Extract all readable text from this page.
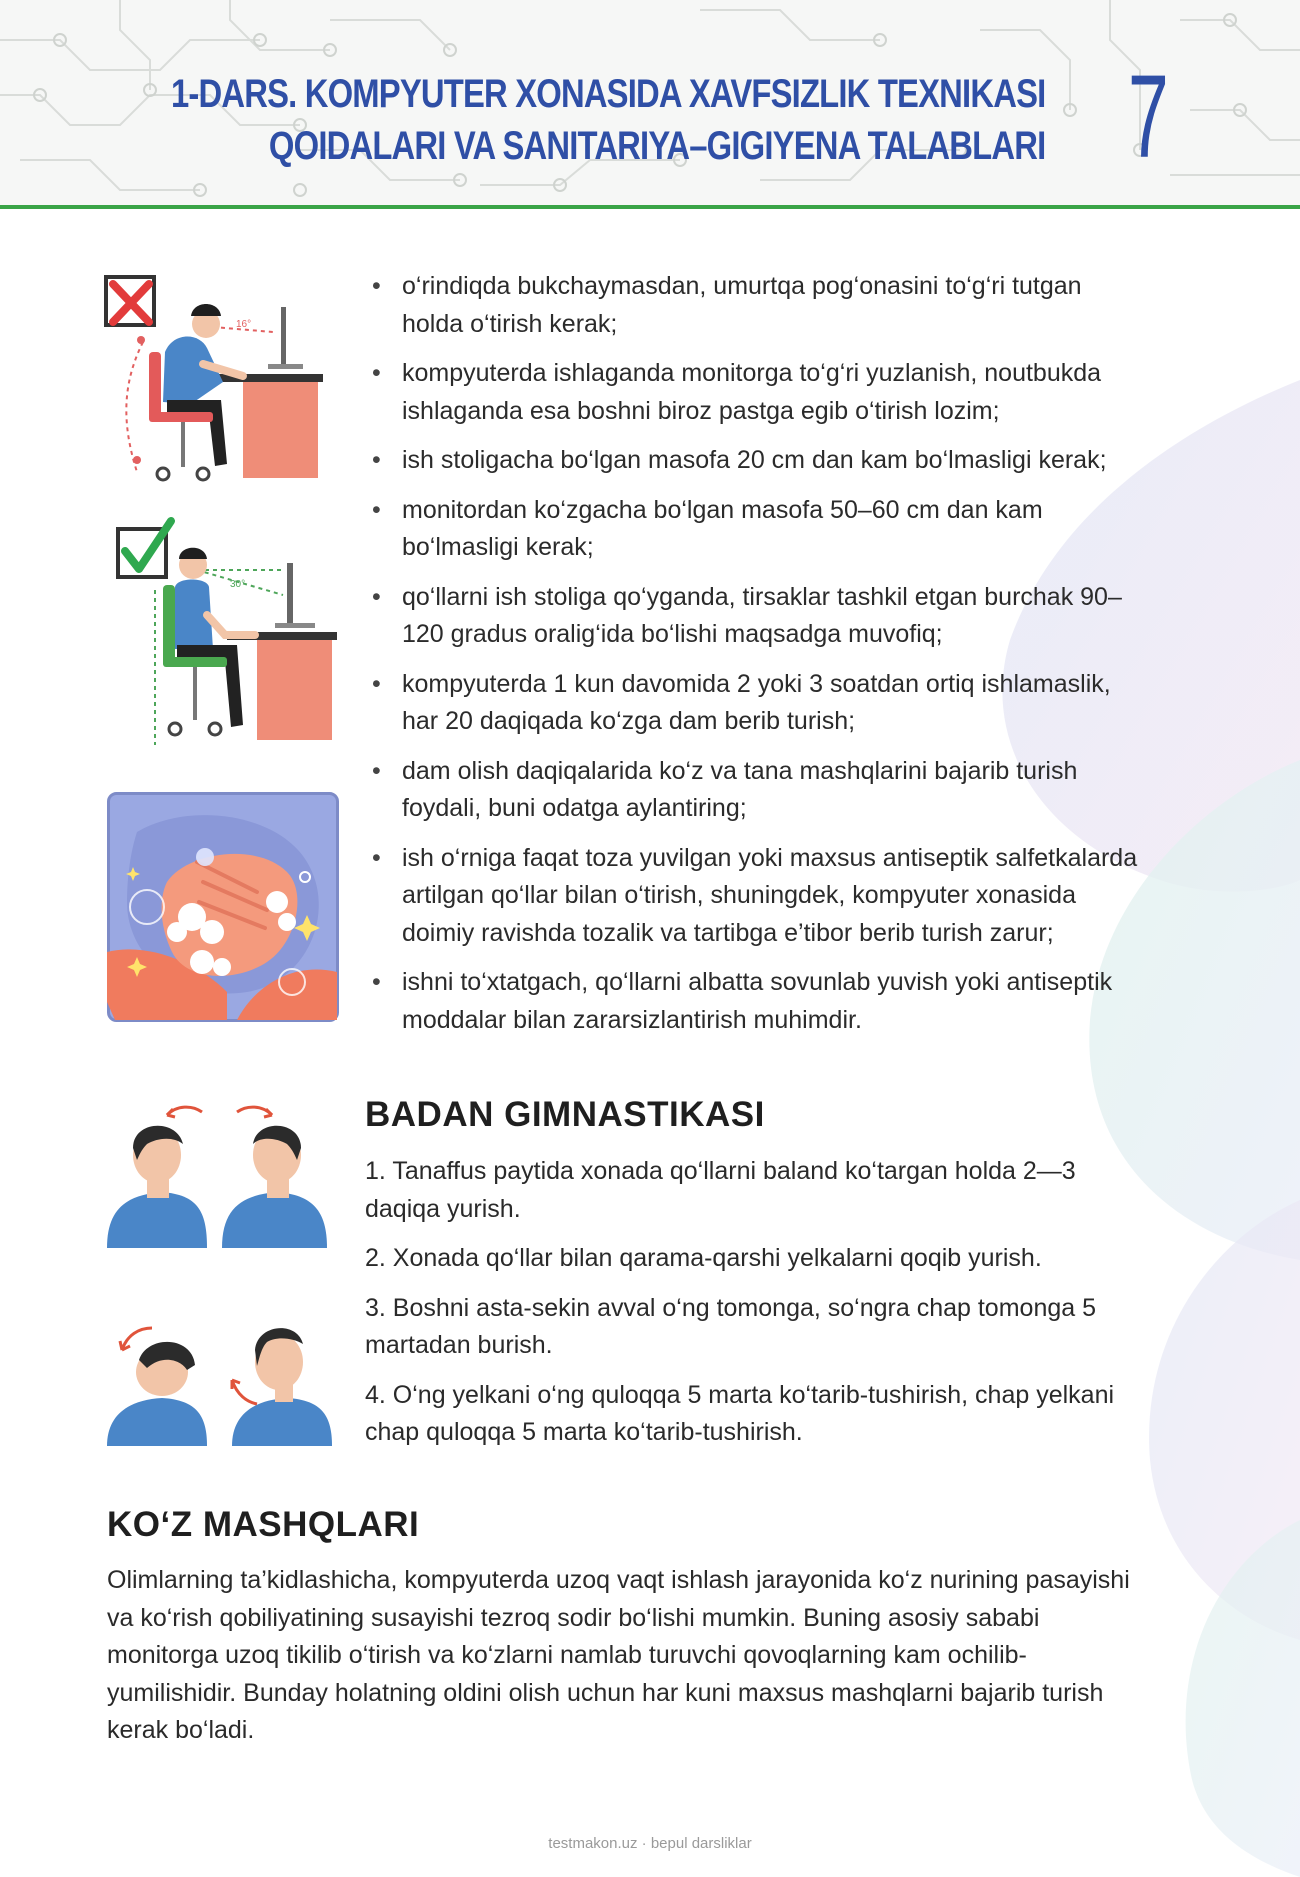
1-DARS. KOMPYUTER XONASIDA XAVFSIZLIK TEXNIKASI
QOIDALARI VA SANITARIYA–GIGIYENA TALABLARI 7
16°
30°
• o‘rindiqda bukchaymasdan, umurtqa pog‘onasini to‘g‘ri tutgan holda o‘tirish kerak;
• kompyuterda ishlaganda monitorga to‘g‘ri yuzlanish, noutbukda ishlaganda esa boshni biroz pastga egib o‘tirish lozim;
• ish stoligacha bo‘lgan masofa 20 cm dan kam bo‘lmasligi kerak;
• monitordan ko‘zgacha bo‘lgan masofa 50–60 cm dan kam bo‘lmasligi kerak;
• qo‘llarni ish stoliga qo‘yganda, tirsaklar tashkil etgan burchak 90–120 gradus oralig‘ida bo‘lishi maqsadga muvofiq;
• kompyuterda 1 kun davomida 2 yoki 3 soatdan ortiq ishlamaslik, har 20 daqiqada ko‘zga dam berib turish;
• dam olish daqiqalarida ko‘z va tana mashqlarini bajarib turish foydali, buni odatga aylantiring;
• ish o‘rniga faqat toza yuvilgan yoki maxsus antiseptik salfetkalarda artilgan qo‘llar bilan o‘tirish, shuningdek, kompyuter xonasida doimiy ravishda tozalik va tartibga e’tibor berib turish zarur;
• ishni to‘xtatgach, qo‘llarni albatta sovunlab yuvish yoki antiseptik moddalar bilan zararsizlantirish muhimdir.
BADAN GIMNASTIKASI
1. Tanaffus paytida xonada qo‘llarni baland ko‘targan holda 2—3 daqiqa yurish.
2. Xonada qo‘llar bilan qarama-qarshi yelkalarni qoqib yurish.
3. Boshni asta-sekin avval o‘ng tomonga, so‘ngra chap tomonga 5 martadan burish.
4. O‘ng yelkani o‘ng quloqqa 5 marta ko‘tarib-tushirish, chap yelkani chap quloqqa 5 marta ko‘tarib-tushirish.
KO‘Z MASHQLARI

Olimlarning ta’kidlashicha, kompyuterda uzoq vaqt ishlash jarayonida ko‘z nurining pasayishi va ko‘rish qobiliyatining susayishi tezroq sodir bo‘lishi mumkin. Buning asosiy sababi monitorga uzoq tikilib o‘tirish va ko‘zlarni namlab turuvchi qovoqlarning kam ochilib-yumilishidir. Bunday holatning oldini olish uchun har kuni maxsus mashqlarni bajarib turish kerak bo‘ladi.

testmakon.uz · bepul darsliklar
